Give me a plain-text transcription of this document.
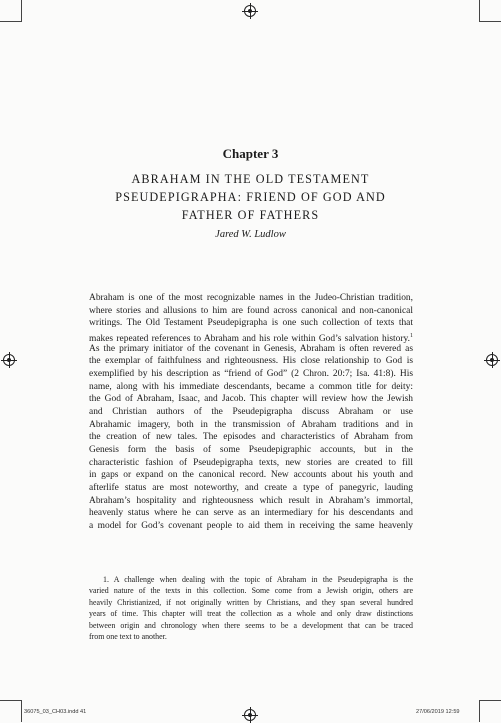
Chapter 3
ABRAHAM IN THE OLD TESTAMENT
PSEUDEPIGRAPHA: FRIEND OF GOD AND
FATHER OF FATHERS
Jared W. Ludlow
Abraham is one of the most recognizable names in the Judeo-Christian tradition,
where stories and allusions to him are found across canonical and non-canonical
writings. The Old Testament Pseudepigrapha is one such collection of texts that
makes repeated references to Abraham and his role within God’s salvation history.$^1$
As the primary initiator of the covenant in Genesis, Abraham is often revered as
the exemplar of faithfulness and righteousness. His close relationship to God is
exemplified by his description as “friend of God” (2 Chron. 20:7; Isa. 41:8). His
name, along with his immediate descendants, became a common title for deity:
the God of Abraham, Isaac, and Jacob. This chapter will review how the Jewish
and Christian authors of the Pseudepigrapha discuss Abraham or use
Abrahamic imagery, both in the transmission of Abraham traditions and in
the creation of new tales. The episodes and characteristics of Abraham from
Genesis form the basis of some Pseudepigraphic accounts, but in the
characteristic fashion of Pseudepigrapha texts, new stories are created to fill
in gaps or expand on the canonical record. New accounts about his youth and
afterlife status are most noteworthy, and create a type of panegyric, lauding
Abraham’s hospitality and righteousness which result in Abraham’s immortal,
heavenly status where he can serve as an intermediary for his descendants and
a model for God’s covenant people to aid them in receiving the same heavenly
1. A challenge when dealing with the topic of Abraham in the Pseudepigrapha is the
varied nature of the texts in this collection. Some come from a Jewish origin, others are
heavily Christianized, if not originally written by Christians, and they span several hundred
years of time. This chapter will treat the collection as a whole and only draw distinctions
between origin and chronology when there seems to be a development that can be traced
from one text to another.
36075_03_CH03.indd 41	27/06/2019 12:59
